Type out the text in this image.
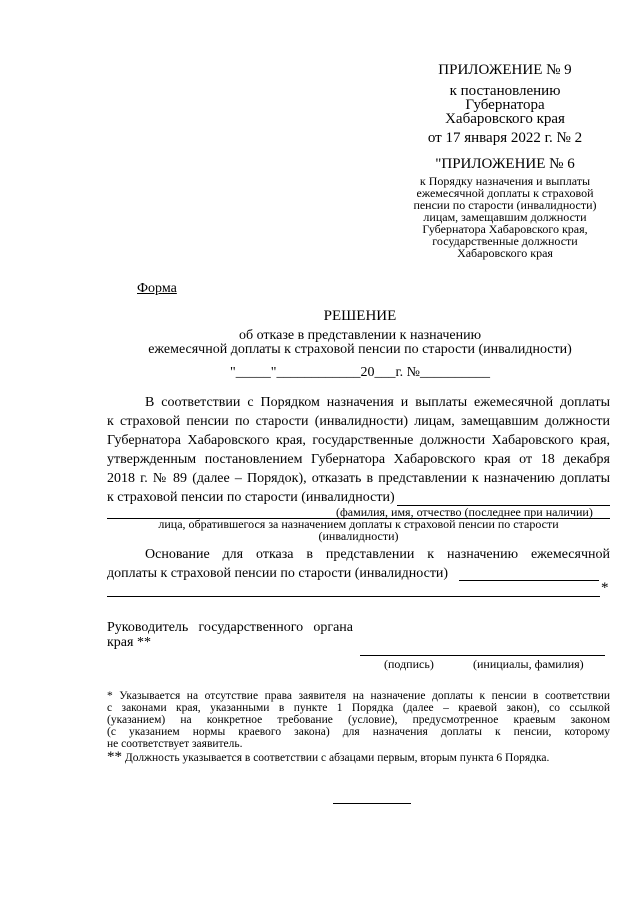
ПРИЛОЖЕНИЕ № 9
к постановлению
Губернатора
Хабаровского края
от 17 января 2022 г. № 2
"ПРИЛОЖЕНИЕ № 6
к Порядку назначения и выплаты
ежемесячной доплаты к страховой
пенсии по старости (инвалидности)
лицам, замещавшим должности
Губернатора Хабаровского края,
государственные должности
Хабаровского края
Форма
РЕШЕНИЕ
об отказе в представлении к назначению
ежемесячной доплаты к страховой пенсии по старости (инвалидности)
"_____"____________20___г. №__________
В соответствии с Порядком назначения и выплаты ежемесячной доплаты
к страховой пенсии по старости (инвалидности) лицам, замещавшим должности
Губернатора Хабаровского края, государственные должности Хабаровского края,
утвержденным постановлением Губернатора Хабаровского края от 18 декабря
2018 г. № 89 (далее – Порядок), отказать в представлении к назначению доплаты
к страховой пенсии по старости (инвалидности)
(фамилия, имя, отчество (последнее при наличии)
лица, обратившегося за назначением доплаты к страховой пенсии по старости
(инвалидности)
Основание для отказа в представлении к назначению ежемесячной
доплаты к страховой пенсии по старости (инвалидности)
*
Руководитель государственного органа
края **
(подпись)	(инициалы, фамилия)
* Указывается на отсутствие права заявителя на назначение доплаты к пенсии в соответствии
с законами края, указанными в пункте 1 Порядка (далее – краевой закон), со ссылкой
(указанием) на конкретное требование (условие), предусмотренное краевым законом
(с указанием нормы краевого закона) для назначения доплаты к пенсии, которому
не соответствует заявитель.
** Должность указывается в соответствии с абзацами первым, вторым пункта 6 Порядка.
